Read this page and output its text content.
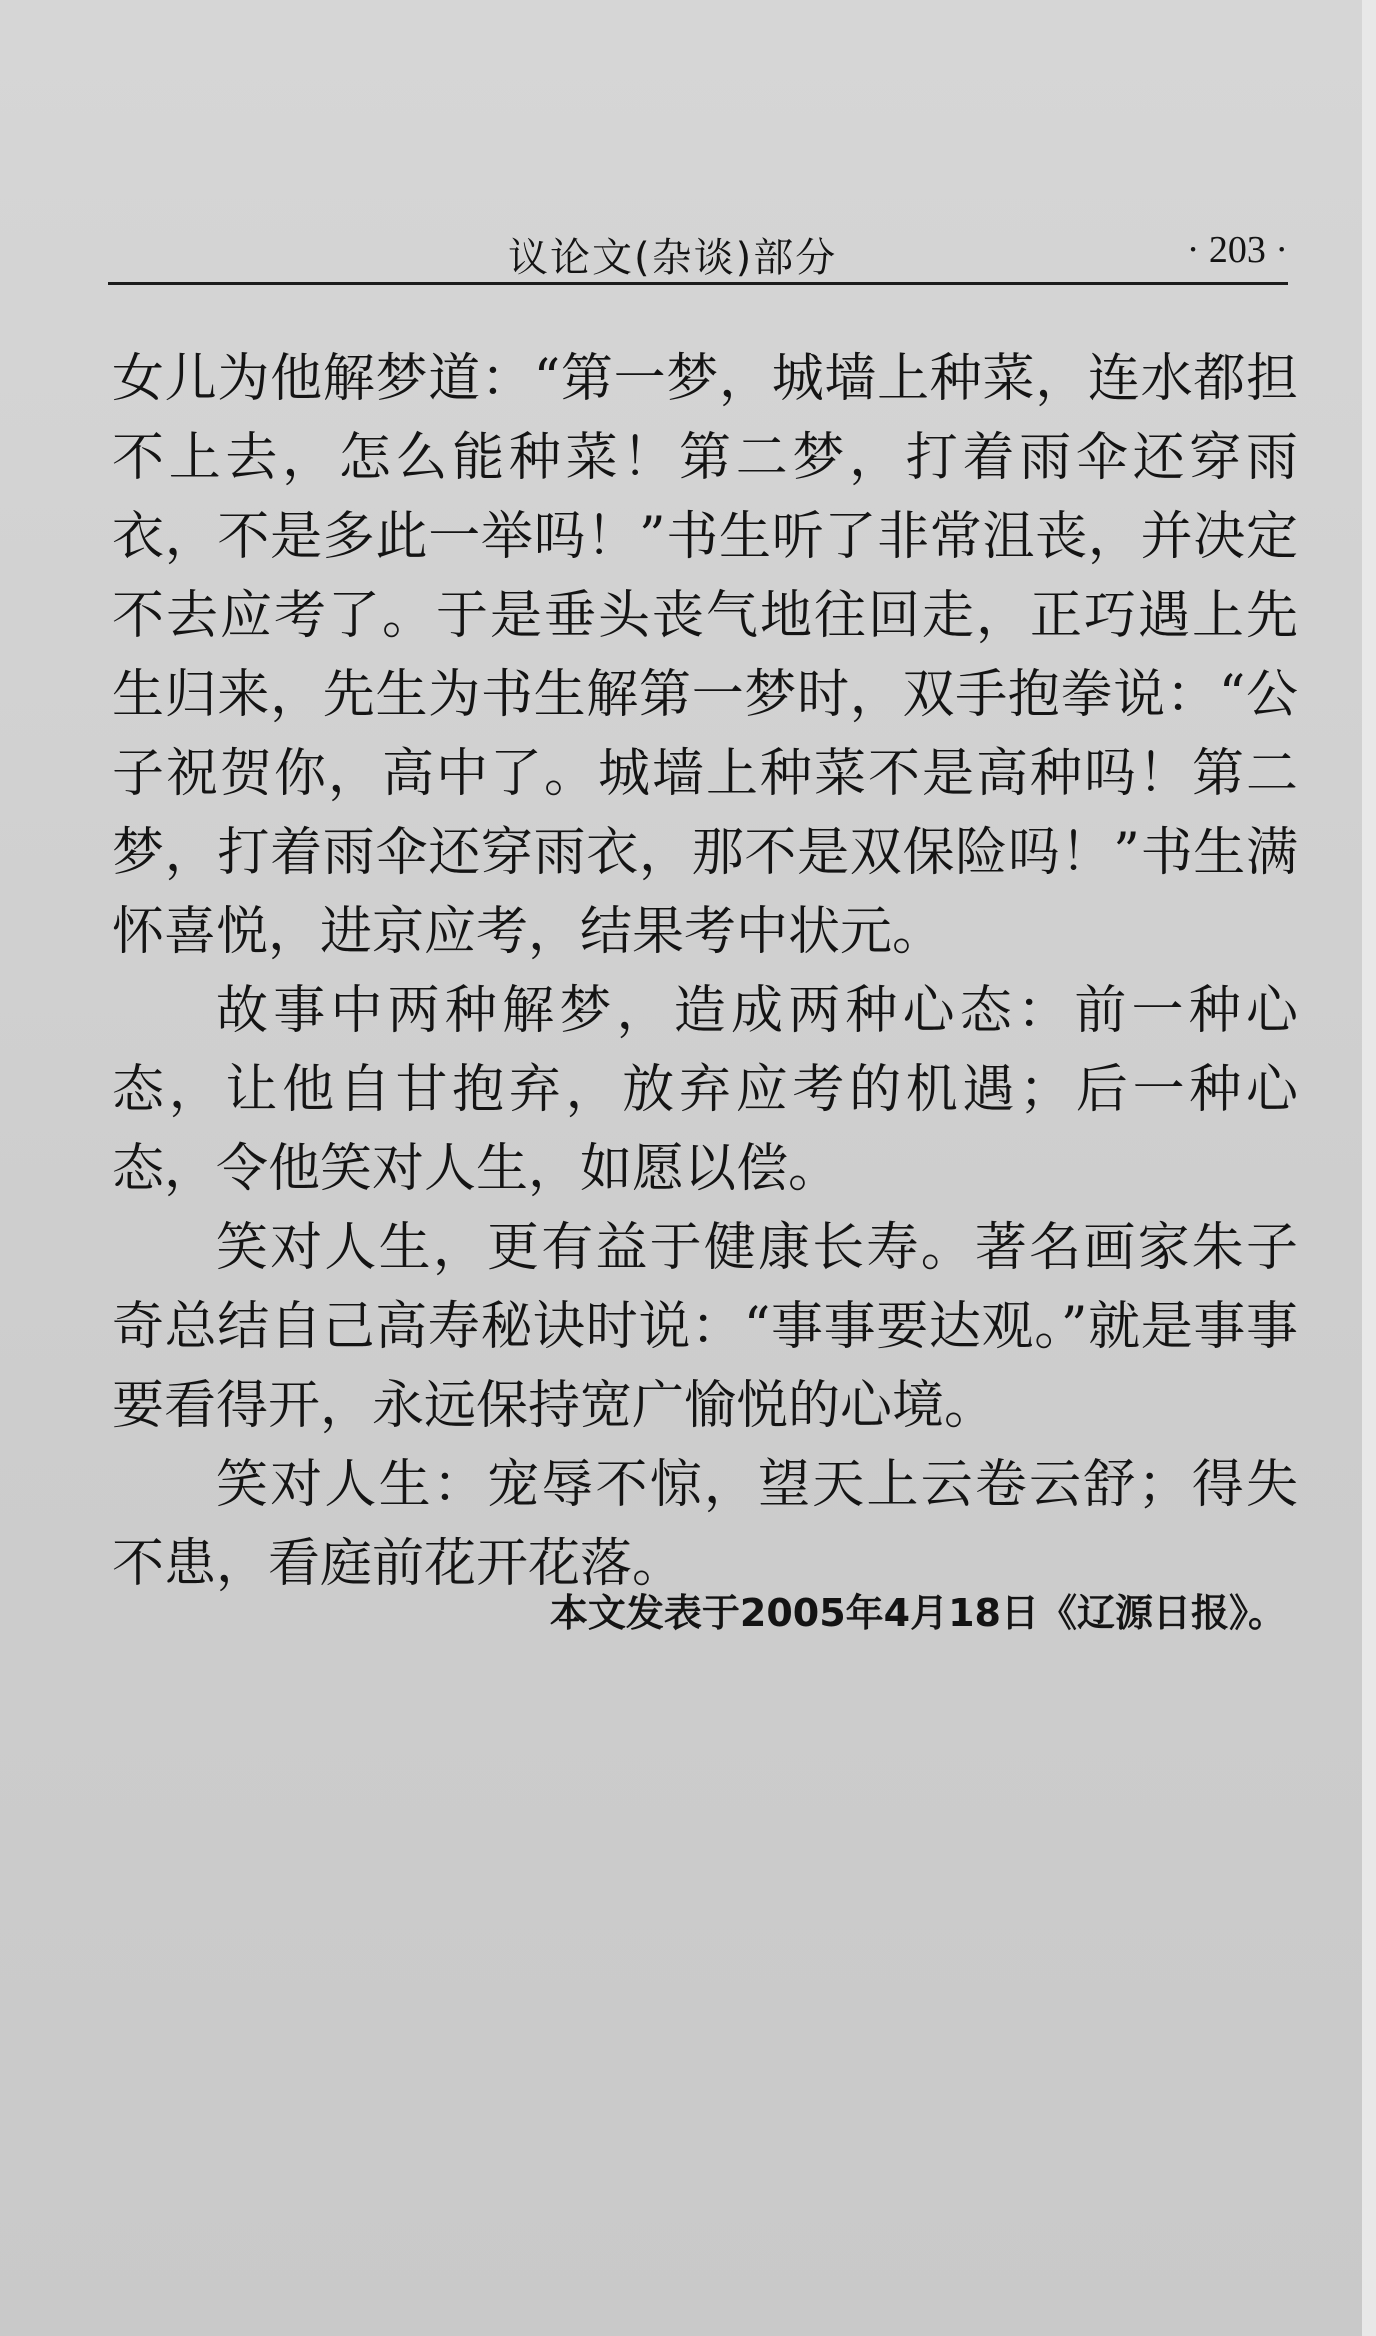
议论文(杂谈)部分	· 203 ·

女儿为他解梦道：“第一梦，城墙上种菜，连水都担不上去，怎么能种菜！第二梦，打着雨伞还穿雨衣，不是多此一举吗！”书生听了非常沮丧，并决定不去应考了。于是垂头丧气地往回走，正巧遇上先生归来，先生为书生解第一梦时，双手抱拳说：“公子祝贺你，高中了。城墙上种菜不是高种吗！第二梦，打着雨伞还穿雨衣，那不是双保险吗！”书生满怀喜悦，进京应考，结果考中状元。

故事中两种解梦，造成两种心态：前一种心态，让他自甘抱弃，放弃应考的机遇；后一种心态，令他笑对人生，如愿以偿。

笑对人生，更有益于健康长寿。著名画家朱子奇总结自己高寿秘诀时说：“事事要达观。”就是事事要看得开，永远保持宽广愉悦的心境。

笑对人生：宠辱不惊，望天上云卷云舒；得失不患，看庭前花开花落。

本文发表于2005年4月18日《辽源日报》。
